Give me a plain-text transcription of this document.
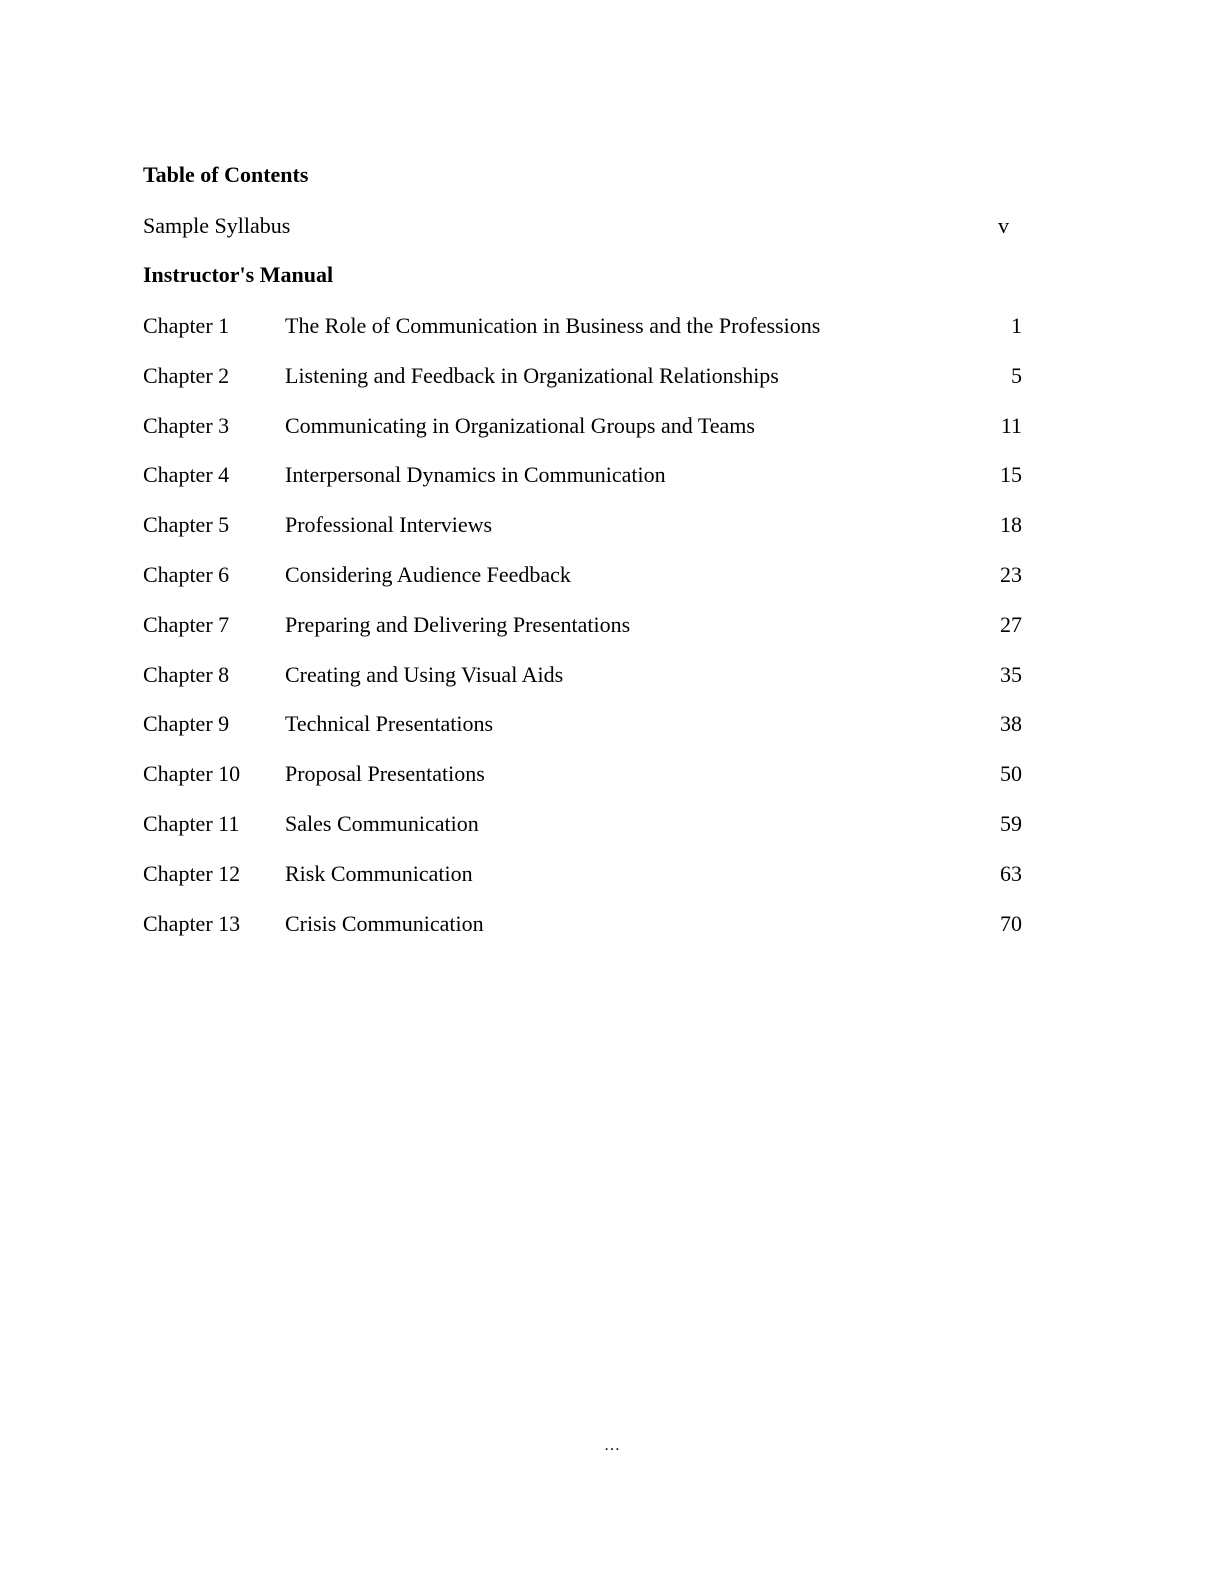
Table of Contents
Sample Syllabus	v
Instructor's Manual
Chapter 1	The Role of Communication in Business and the Professions	1
Chapter 2	Listening and Feedback in Organizational Relationships	5
Chapter 3	Communicating in Organizational Groups and Teams	11
Chapter 4	Interpersonal Dynamics in Communication	15
Chapter 5	Professional Interviews	18
Chapter 6	Considering Audience Feedback	23
Chapter 7	Preparing and Delivering Presentations	27
Chapter 8	Creating and Using Visual Aids	35
Chapter 9	Technical Presentations	38
Chapter 10 Proposal Presentations	50
Chapter 11 Sales Communication	59
Chapter 12 Risk Communication	63
Chapter 13 Crisis Communication	70
…
